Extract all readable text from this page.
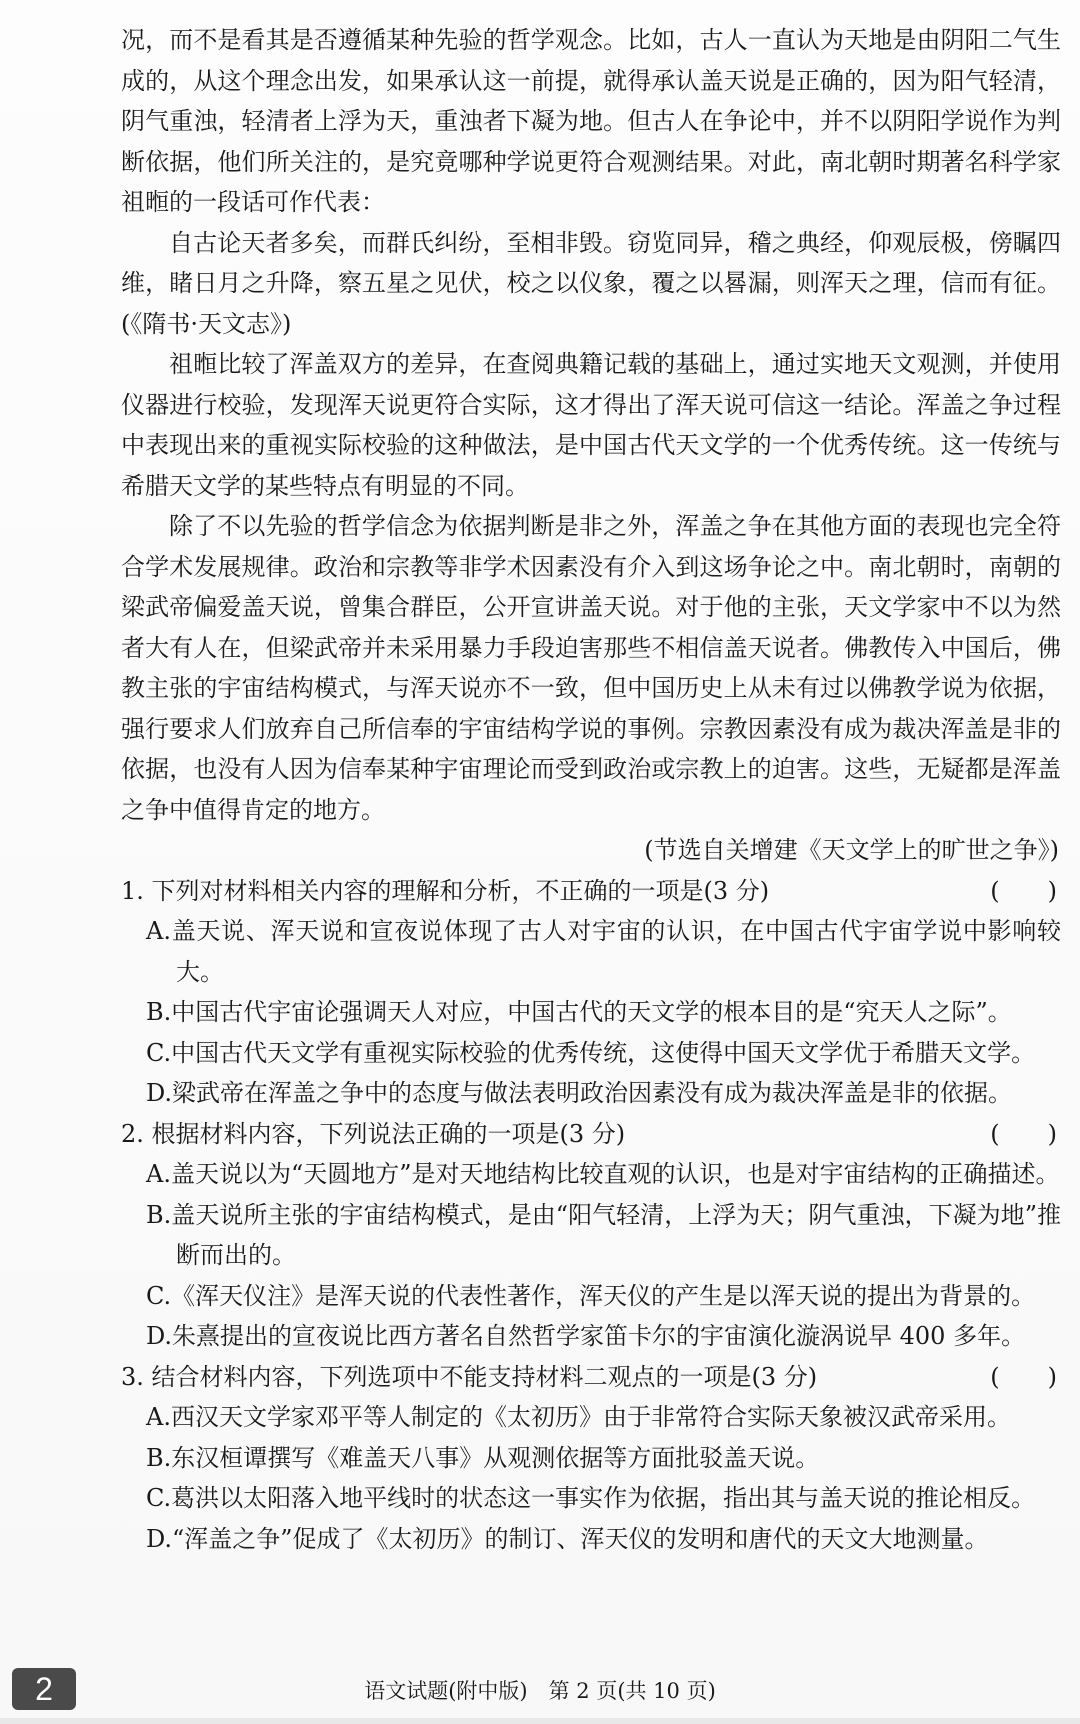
况，而不是看其是否遵循某种先验的哲学观念。比如，古人一直认为天地是由阴阳二气生成的，从这个理念出发，如果承认这一前提，就得承认盖天说是正确的，因为阳气轻清，阴气重浊，轻清者上浮为天，重浊者下凝为地。但古人在争论中，并不以阴阳学说作为判断依据，他们所关注的，是究竟哪种学说更符合观测结果。对此，南北朝时期著名科学家祖暅的一段话可作代表：

自古论天者多矣，而群氏纠纷，至相非毁。窃览同异，稽之典经，仰观辰极，傍瞩四维，睹日月之升降，察五星之见伏，校之以仪象，覆之以晷漏，则浑天之理，信而有征。(《隋书·天文志》)

祖暅比较了浑盖双方的差异，在查阅典籍记载的基础上，通过实地天文观测，并使用仪器进行校验，发现浑天说更符合实际，这才得出了浑天说可信这一结论。浑盖之争过程中表现出来的重视实际校验的这种做法，是中国古代天文学的一个优秀传统。这一传统与希腊天文学的某些特点有明显的不同。

除了不以先验的哲学信念为依据判断是非之外，浑盖之争在其他方面的表现也完全符合学术发展规律。政治和宗教等非学术因素没有介入到这场争论之中。南北朝时，南朝的梁武帝偏爱盖天说，曾集合群臣，公开宣讲盖天说。对于他的主张，天文学家中不以为然者大有人在，但梁武帝并未采用暴力手段迫害那些不相信盖天说者。佛教传入中国后，佛教主张的宇宙结构模式，与浑天说亦不一致，但中国历史上从未有过以佛教学说为依据，强行要求人们放弃自己所信奉的宇宙结构学说的事例。宗教因素没有成为裁决浑盖是非的依据，也没有人因为信奉某种宇宙理论而受到政治或宗教上的迫害。这些，无疑都是浑盖之争中值得肯定的地方。

(节选自关增建《天文学上的旷世之争》)

1. 下列对材料相关内容的理解和分析，不正确的一项是(3 分)	(　　)

A.盖天说、浑天说和宣夜说体现了古人对宇宙的认识，在中国古代宇宙学说中影响较大。

B.中国古代宇宙论强调天人对应，中国古代的天文学的根本目的是“究天人之际”。

C.中国古代天文学有重视实际校验的优秀传统，这使得中国天文学优于希腊天文学。

D.梁武帝在浑盖之争中的态度与做法表明政治因素没有成为裁决浑盖是非的依据。

2. 根据材料内容，下列说法正确的一项是(3 分)	(　　)

A.盖天说以为“天圆地方”是对天地结构比较直观的认识，也是对宇宙结构的正确描述。

B.盖天说所主张的宇宙结构模式，是由“阳气轻清，上浮为天；阴气重浊，下凝为地”推断而出的。

C.《浑天仪注》是浑天说的代表性著作，浑天仪的产生是以浑天说的提出为背景的。

D.朱熹提出的宣夜说比西方著名自然哲学家笛卡尔的宇宙演化漩涡说早 400 多年。

3. 结合材料内容，下列选项中不能支持材料二观点的一项是(3 分)	(　　)

A.西汉天文学家邓平等人制定的《太初历》由于非常符合实际天象被汉武帝采用。

B.东汉桓谭撰写《难盖天八事》从观测依据等方面批驳盖天说。

C.葛洪以太阳落入地平线时的状态这一事实作为依据，指出其与盖天说的推论相反。

D.“浑盖之争”促成了《太初历》的制订、浑天仪的发明和唐代的天文大地测量。

2	语文试题(附中版)　第 2 页(共 10 页)
